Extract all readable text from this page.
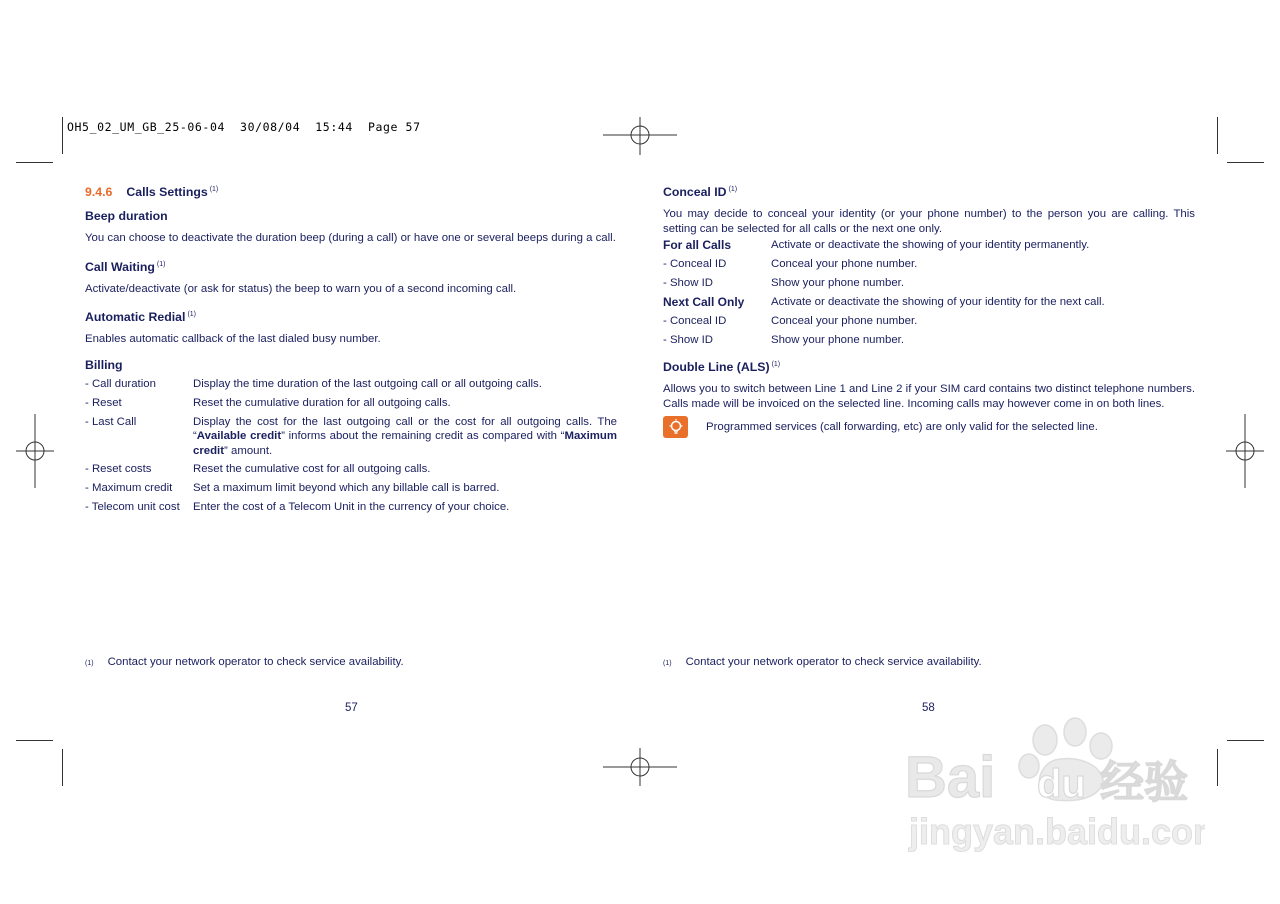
OH5_02_UM_GB_25-06-04  30/08/04  15:44  Page 57

9.4.6 Calls Settings $^{(1)}$

Beep duration

You can choose to deactivate the duration beep (during a call) or have one or several beeps during a call.

Call Waiting $^{(1)}$

Activate/deactivate (or ask for status) the beep to warn you of a second incoming call.

Automatic Redial $^{(1)}$

Enables automatic callback of the last dialed busy number.

Billing

- Call duration	Display the time duration of the last outgoing call or all outgoing calls.
- Reset	Reset the cumulative duration for all outgoing calls.
- Last Call	Display the cost for the last outgoing call or the cost for all outgoing calls. The “Available credit” informs about the remaining credit as compared with “Maximum credit” amount.
- Reset costs	Reset the cumulative cost for all outgoing calls.
- Maximum credit	Set a maximum limit beyond which any billable call is barred.
- Telecom unit cost	Enter the cost of a Telecom Unit in the currency of your choice.
(1) Contact your network operator to check service availability.
57

Conceal ID $^{(1)}$

You may decide to conceal your identity (or your phone number) to the person you are calling. This setting can be selected for all calls or the next one only.

For all Calls	Activate or deactivate the showing of your identity permanently.
- Conceal ID	Conceal your phone number.
- Show ID	Show your phone number.
Next Call Only	Activate or deactivate the showing of your identity for the next call.
- Conceal ID	Conceal your phone number.
- Show ID	Show your phone number.

Double Line (ALS) $^{(1)}$

Allows you to switch between Line 1 and Line 2 if your SIM card contains two distinct telephone numbers. Calls made will be invoiced on the selected line. Incoming calls may however come in on both lines.

Programmed services (call forwarding, etc) are only valid for the selected line.
(1) Contact your network operator to check service availability.
58
Bai du 经验
jingyan.baidu.com
